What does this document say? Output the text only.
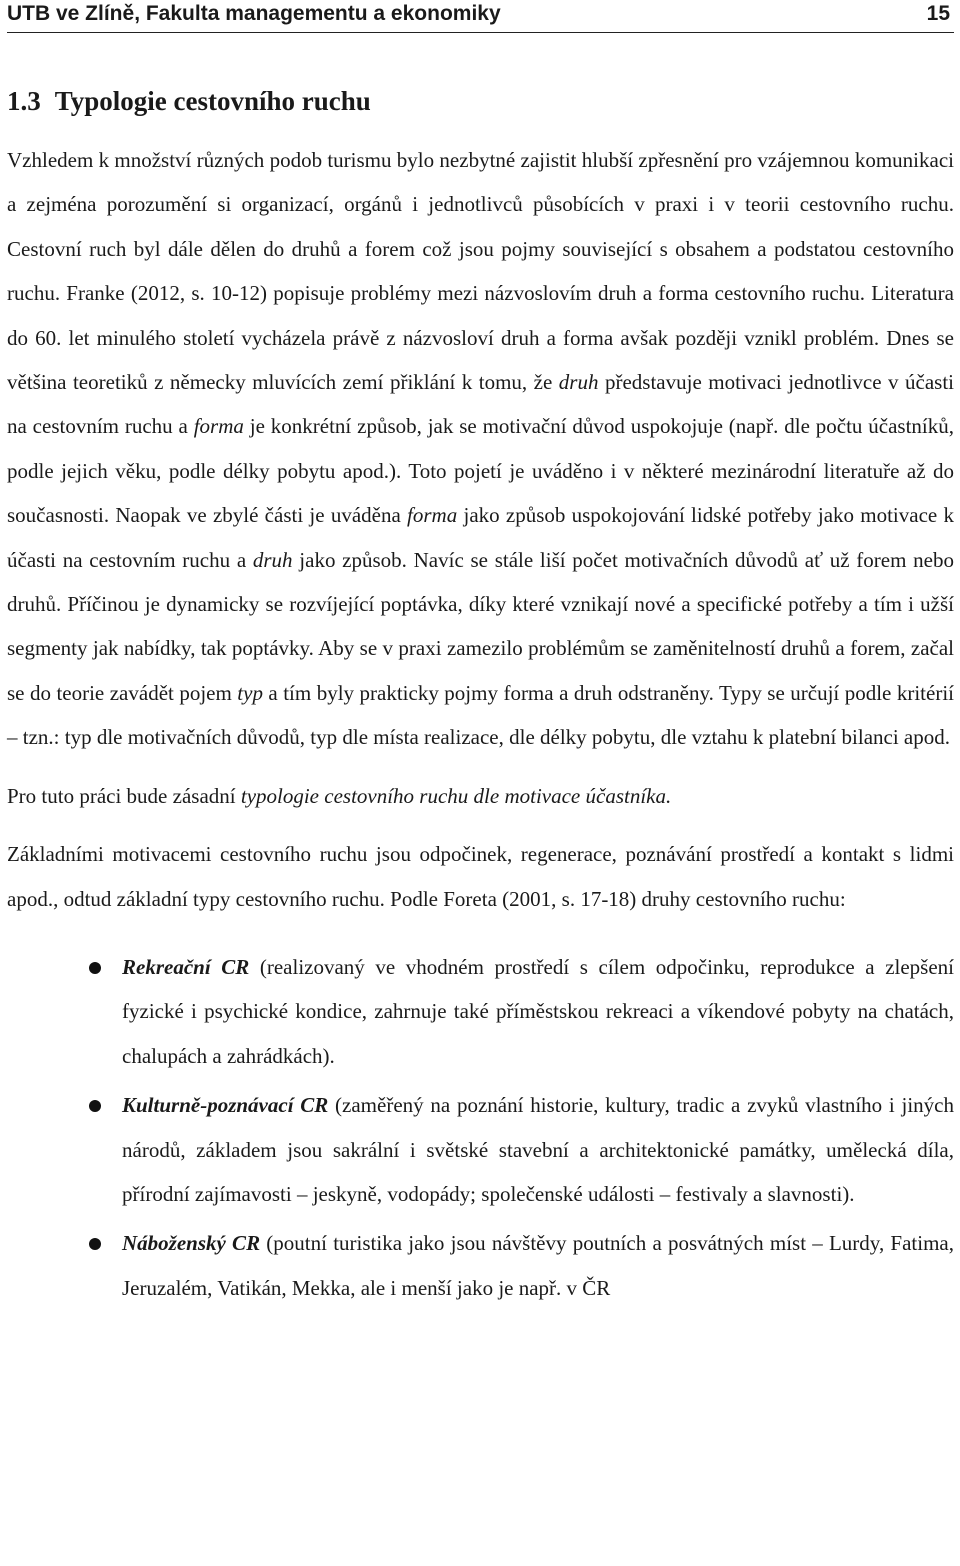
UTB ve Zlíně, Fakulta managementu a ekonomiky	15
1.3 Typologie cestovního ruchu

Vzhledem k množství různých podob turismu bylo nezbytné zajistit hlubší zpřesnění pro vzájemnou komunikaci a zejména porozumění si organizací, orgánů i jednotlivců působících v praxi i v teorii cestovního ruchu. Cestovní ruch byl dále dělen do druhů a forem což jsou pojmy související s obsahem a podstatou cestovního ruchu. Franke (2012, s. 10-12) popisuje problémy mezi názvoslovím druh a forma cestovního ruchu. Literatura do 60. let minulého století vycházela právě z názvosloví druh a forma avšak později vznikl problém. Dnes se většina teoretiků z německy mluvících zemí přiklání k tomu, že druh představuje motivaci jednotlivce v účasti na cestovním ruchu a forma je konkrétní způsob, jak se motivační důvod uspokojuje (např. dle počtu účastníků, podle jejich věku, podle délky pobytu apod.). Toto pojetí je uváděno i v některé mezinárodní literatuře až do současnosti. Naopak ve zbylé části je uváděna forma jako způsob uspokojování lidské potřeby jako motivace k účasti na cestovním ruchu a druh jako způsob. Navíc se stále liší počet motivačních důvodů ať už forem nebo druhů. Příčinou je dynamicky se rozvíjející poptávka, díky které vznikají nové a specifické potřeby a tím i užší segmenty jak nabídky, tak poptávky. Aby se v praxi zamezilo problémům se zaměnitelností druhů a forem, začal se do teorie zavádět pojem typ a tím byly prakticky pojmy forma a druh odstraněny. Typy se určují podle kritérií – tzn.: typ dle motivačních důvodů, typ dle místa realizace, dle délky pobytu, dle vztahu k platební bilanci apod.

Pro tuto práci bude zásadní typologie cestovního ruchu dle motivace účastníka.

Základními motivacemi cestovního ruchu jsou odpočinek, regenerace, poznávání prostředí a kontakt s lidmi apod., odtud základní typy cestovního ruchu. Podle Foreta (2001, s. 17-18) druhy cestovního ruchu:

Rekreační CR (realizovaný ve vhodném prostředí s cílem odpočinku, reprodukce a zlepšení fyzické i psychické kondice, zahrnuje také příměstskou rekreaci a víkendové pobyty na chatách, chalupách a zahrádkách).

Kulturně-poznávací CR (zaměřený na poznání historie, kultury, tradic a zvyků vlastního i jiných národů, základem jsou sakrální i světské stavební a architektonické památky, umělecká díla, přírodní zajímavosti – jeskyně, vodopády; společenské události – festivaly a slavnosti).

Náboženský CR (poutní turistika jako jsou návštěvy poutních a posvátných míst – Lurdy, Fatima, Jeruzalém, Vatikán, Mekka, ale i menší jako je např. v ČR
